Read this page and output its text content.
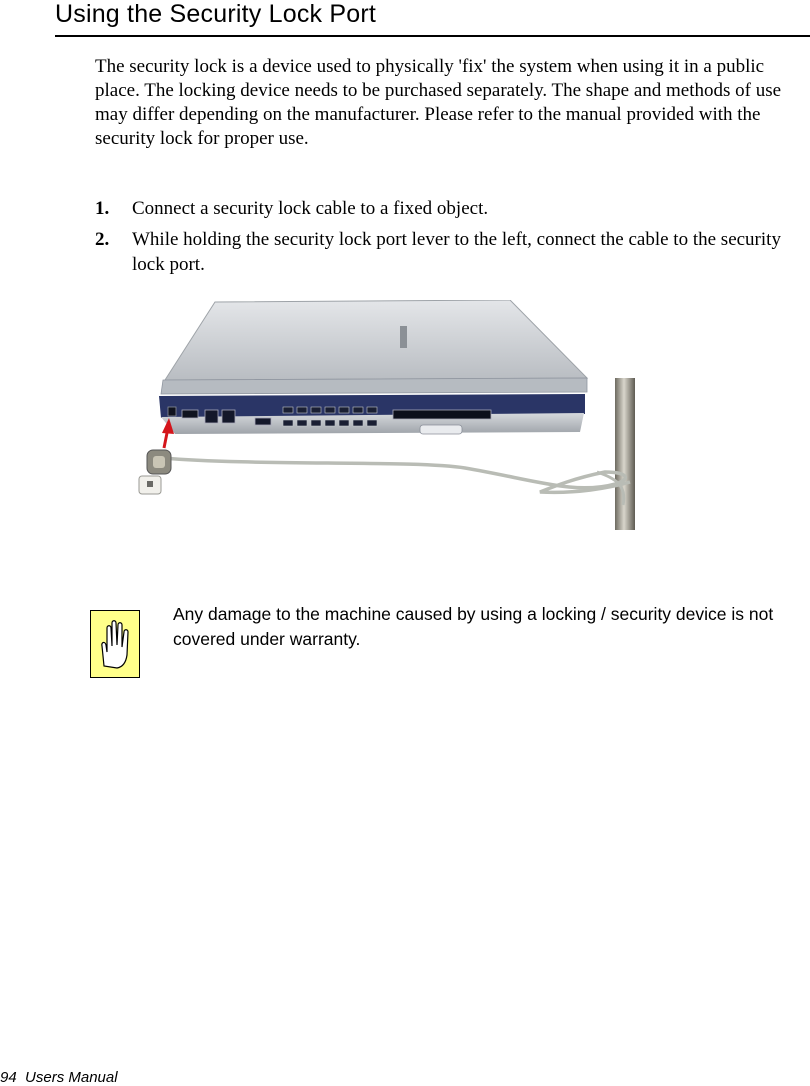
Using the Security Lock Port

The security lock is a device used to physically 'fix' the system when using it in a public place. The locking device needs to be purchased separately. The shape and methods of use may differ depending on the manufacturer. Please refer to the manual provided with the security lock for proper use.

1. Connect a security lock cable to a fixed object.
2. While holding the security lock port lever to the left, connect the cable to the security lock port.

Any damage to the machine caused by using a locking / security device is not covered under warranty.

94  Users Manual
